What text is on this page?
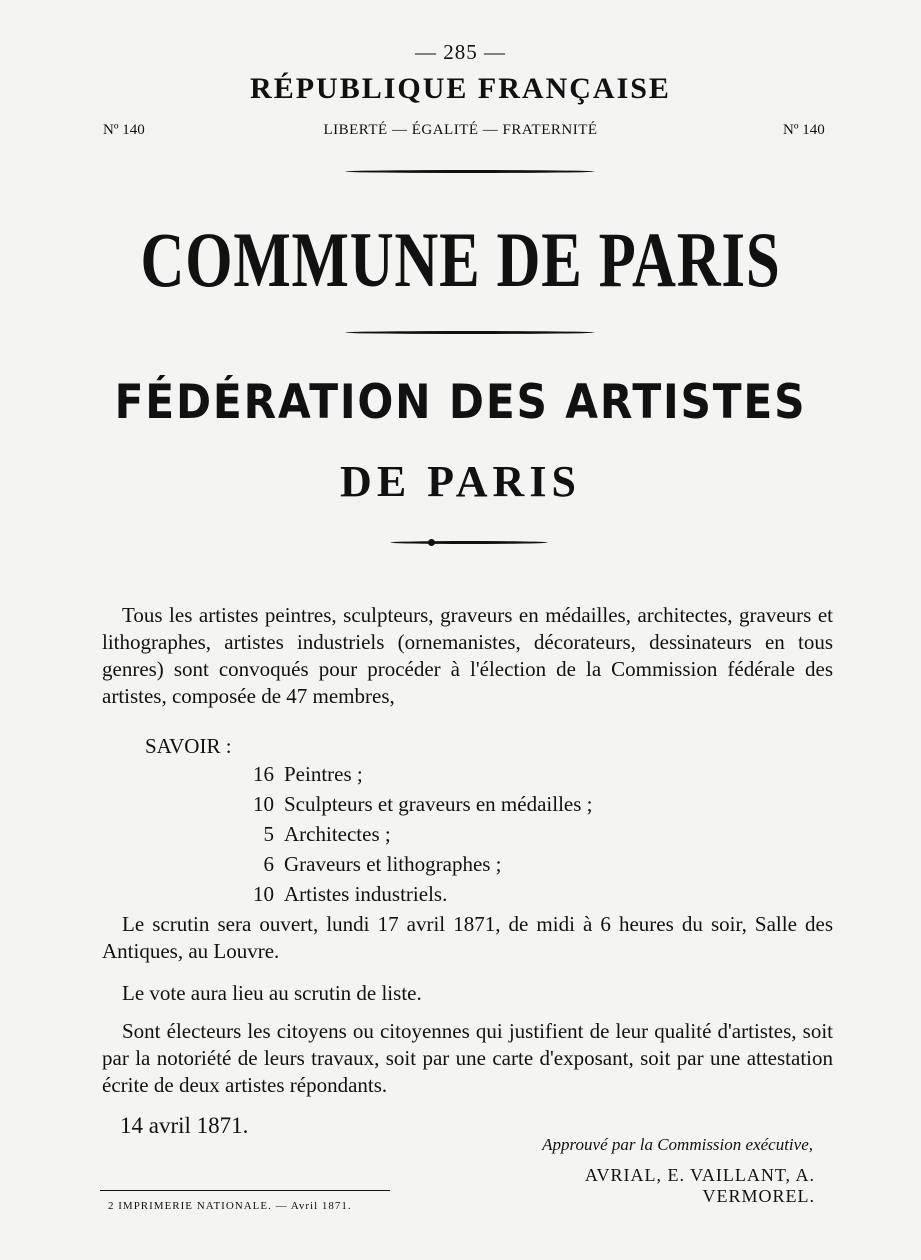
— 285 —
RÉPUBLIQUE FRANÇAISE
Nº 140	LIBERTÉ — ÉGALITÉ — FRATERNITÉ	Nº 140
COMMUNE DE PARIS
FÉDÉRATION DES ARTISTES
DE PARIS
Tous les artistes peintres, sculpteurs, graveurs en médailles, architectes, graveurs et lithographes, artistes industriels (ornemanistes, décorateurs, dessinateurs en tous genres) sont convoqués pour procéder à l'élection de la Commission fédérale des artistes, composée de 47 membres,
SAVOIR :
16 Peintres ;
10 Sculpteurs et graveurs en médailles ;
5 Architectes ;
6 Graveurs et lithographes ;
10 Artistes industriels.
Le scrutin sera ouvert, lundi 17 avril 1871, de midi à 6 heures du soir, Salle des Antiques, au Louvre.
Le vote aura lieu au scrutin de liste.
Sont électeurs les citoyens ou citoyennes qui justifient de leur qualité d'artistes, soit par la notoriété de leurs travaux, soit par une carte d'exposant, soit par une attestation écrite de deux artistes répondants.
14 avril 1871.
Approuvé par la Commission exécutive,
AVRIAL, E. VAILLANT, A. VERMOREL.
2 IMPRIMERIE NATIONALE. — Avril 1871.
